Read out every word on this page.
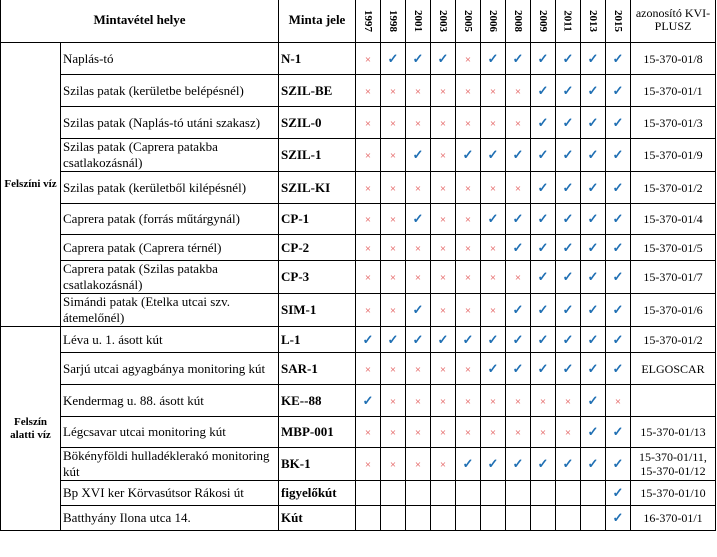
Mintavétel helye		Minta jele	1997	1998	2001	2003	2005	2006	2008	2009	2011	2013	2015	azonosító KVI-PLUSZ
Felszíni víz	Naplás-tó	N-1	×	✓	✓	✓	×	✓	✓	✓	✓	✓	✓	15-370-01/8
	Szilas patak (kerületbe belépésnél)	SZIL-BE	×	×	×	×	×	×	×	✓	✓	✓	✓	15-370-01/1
	Szilas patak (Naplás-tó utáni szakasz)	SZIL-0	×	×	×	×	×	×	×	✓	✓	✓	✓	15-370-01/3
	Szilas patak (Caprera patakba csatlakozásnál)	SZIL-1	×	×	✓	×	✓	✓	✓	✓	✓	✓	✓	15-370-01/9
	Szilas patak (kerületből kilépésnél)	SZIL-KI	×	×	×	×	×	×	×	✓	✓	✓	✓	15-370-01/2
	Caprera patak (forrás műtárgynál)	CP-1	×	×	✓	×	×	✓	✓	✓	✓	✓	✓	15-370-01/4
	Caprera patak (Caprera térnél)	CP-2	×	×	×	×	×	×	✓	✓	✓	✓	✓	15-370-01/5
	Caprera patak (Szilas patakba csatlakozásnál)	CP-3	×	×	×	×	×	×	×	✓	✓	✓	✓	15-370-01/7
	Simándi patak (Etelka utcai szv. átemelőnél)	SIM-1	×	×	✓	×	×	×	✓	✓	✓	✓	✓	15-370-01/6
Felszín alatti víz	Léva u. 1. ásott kút	L-1	✓	✓	✓	✓	✓	✓	✓	✓	✓	✓	✓	15-370-01/2
	Sarjú utcai agyagbánya monitoring kút	SAR-1	×	×	×	×	×	✓	✓	✓	✓	✓	✓	ELGOSCAR
	Kendermag u. 88. ásott kút	KE--88	✓	×	×	×	×	×	×	×	×	✓	×	
	Légcsavar utcai monitoring kút	MBP-001	×	×	×	×	×	×	×	×	×	✓	✓	15-370-01/13
	Bökényföldi hulladéklerakó monitoring kút	BK-1	×	×	×	×	✓	✓	✓	✓	✓	✓	✓	15-370-01/11, 15-370-01/12
	Bp XVI ker Körvasútsor Rákosi út	figyelőkút											✓	15-370-01/10
	Batthyány Ilona utca 14.	Kút											✓	16-370-01/1
